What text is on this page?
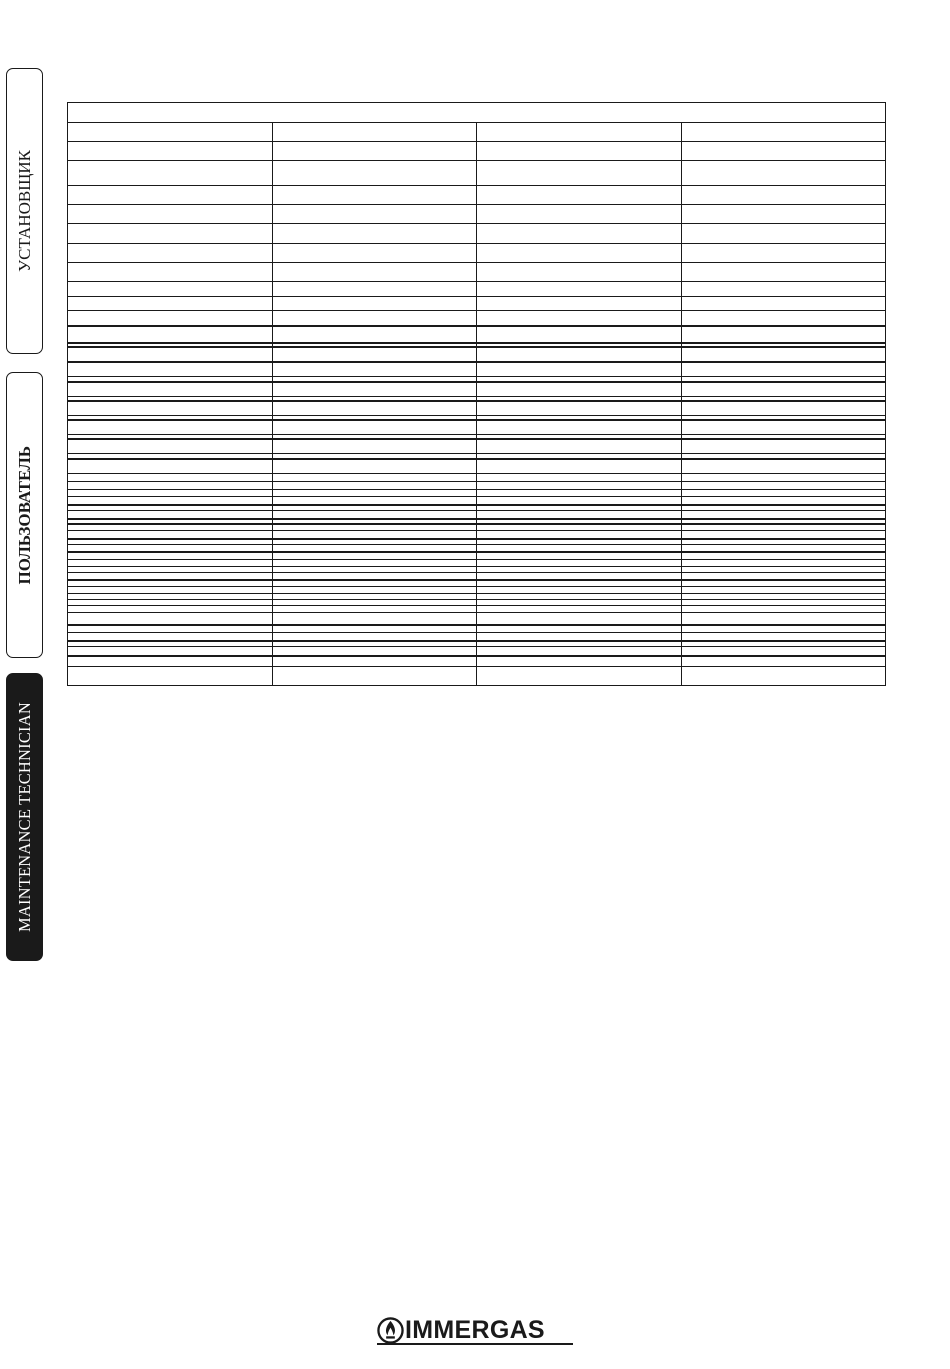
УСТАНОВЩИК
ПОЛЬЗОВАТЕЛЬ
MAINTENANCE TECHNICIAN

IMMERGAS
